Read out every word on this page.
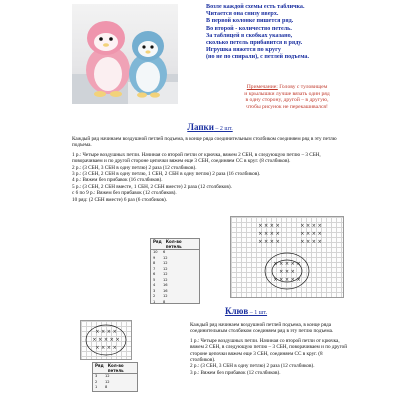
Возле каждой схемы есть табличка.

Читается она снизу вверх.

В первой колонке пишется ряд.

Во второй - количество петель.

За таблицей в скобках указано,

сколько петель прибавится в ряду.

Игрушка вяжется по кругу

(но не по спирали), с петлей подъема.

Примечание: Голову с туловищем
и крылышки лучше вязать один ряд
в одну сторону, другой – в другую,
чтобы рисунок не перекашивался!
Лапки – 2 шт.

Каждый ряд начинаем воздушной петлей подъема, в конце ряда соединительным столбиком соединяем ряд в эту петлю подъема.

1 р.: Четыре воздушных петли. Начиная со второй петли от крючка, вяжем 2 СБН, в следующую петлю – 3 СБН, поворачиваем и по другой стороне цепочки вяжем еще 3 СБН, соединяем СС в круг. (8 столбиков).

2 р.: (3 СБН, 3 СБН в одну петлю) 2 раза (12 столбиков).

3 р.: (3 СБН, 2 СБН в одну петлю, 1 СБН, 2 СБН в одну петлю) 2 раза (16 столбиков).

4 р.: Вяжем без прибавок (16 столбиков).

5 р.: (3 СБН, 2 СБН вместе, 1 СБН, 2 СБН вместе) 2 раза (12 столбиков).

с 6 по 9 р.: Вяжем без прибавок (12 столбиков).

10 ряд: (2 СБН вместе) 6 раз (6 столбиков).

Ряд	Кол-во петель
10	6
9	12
8	12
7	12
6	12
5	12
4	16
3	16
2	12
1	8
× × × ×	× × × ×
× × × ×	× × × ×
× × × ×	× × × ×
× × × × ×
× × ×
× × × × ×
Клюв – 1 шт.
× × × ×
× × × × ×
× × × ×
Ряд	Кол-во петель
3	12
2	12
1	8

Каждый ряд начинаем воздушной петлей подъема, в конце ряда соединительным столбиком соединяем ряд в эту петлю подъема.

1 р.: Четыре воздушных петли. Начиная со второй петли от крючка, вяжем 2 СБН, в следующую петлю – 3 СБН, поворачиваем и по другой стороне цепочки вяжем еще 3 СБН, соединяем СС в круг. (8 столбиков).

2 р.: (3 СБН, 3 СБН в одну петлю) 2 раза (12 столбиков).

3 р.: Вяжем без прибавок (12 столбиков).
